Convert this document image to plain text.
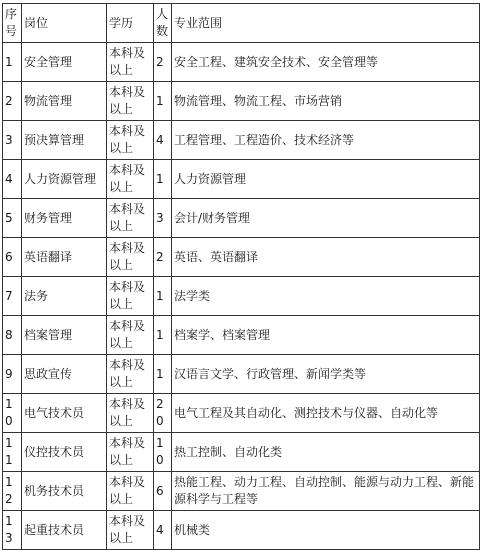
序号	岗位	学历	人数	专业范围
1	安全管理	本科及以上	2	安全工程、建筑安全技术、安全管理等
2	物流管理	本科及以上	1	物流管理、物流工程、市场营销
3	预决算管理	本科及以上	4	工程管理、工程造价、技术经济等
4	人力资源管理	本科及以上	1	人力资源管理
5	财务管理	本科及以上	3	会计/财务管理
6	英语翻译	本科及以上	2	英语、英语翻译
7	法务	本科及以上	1	法学类
8	档案管理	本科及以上	1	档案学、档案管理
9	思政宣传	本科及以上	1	汉语言文学、行政管理、新闻学类等
10	电气技术员	本科及以上	20	电气工程及其自动化、测控技术与仪器、自动化等
11	仪控技术员	本科及以上	10	热工控制、自动化类
12	机务技术员	本科及以上	6	热能工程、动力工程、自动控制、能源与动力工程、新能源科学与工程等
13	起重技术员	本科及以上	4	机械类
